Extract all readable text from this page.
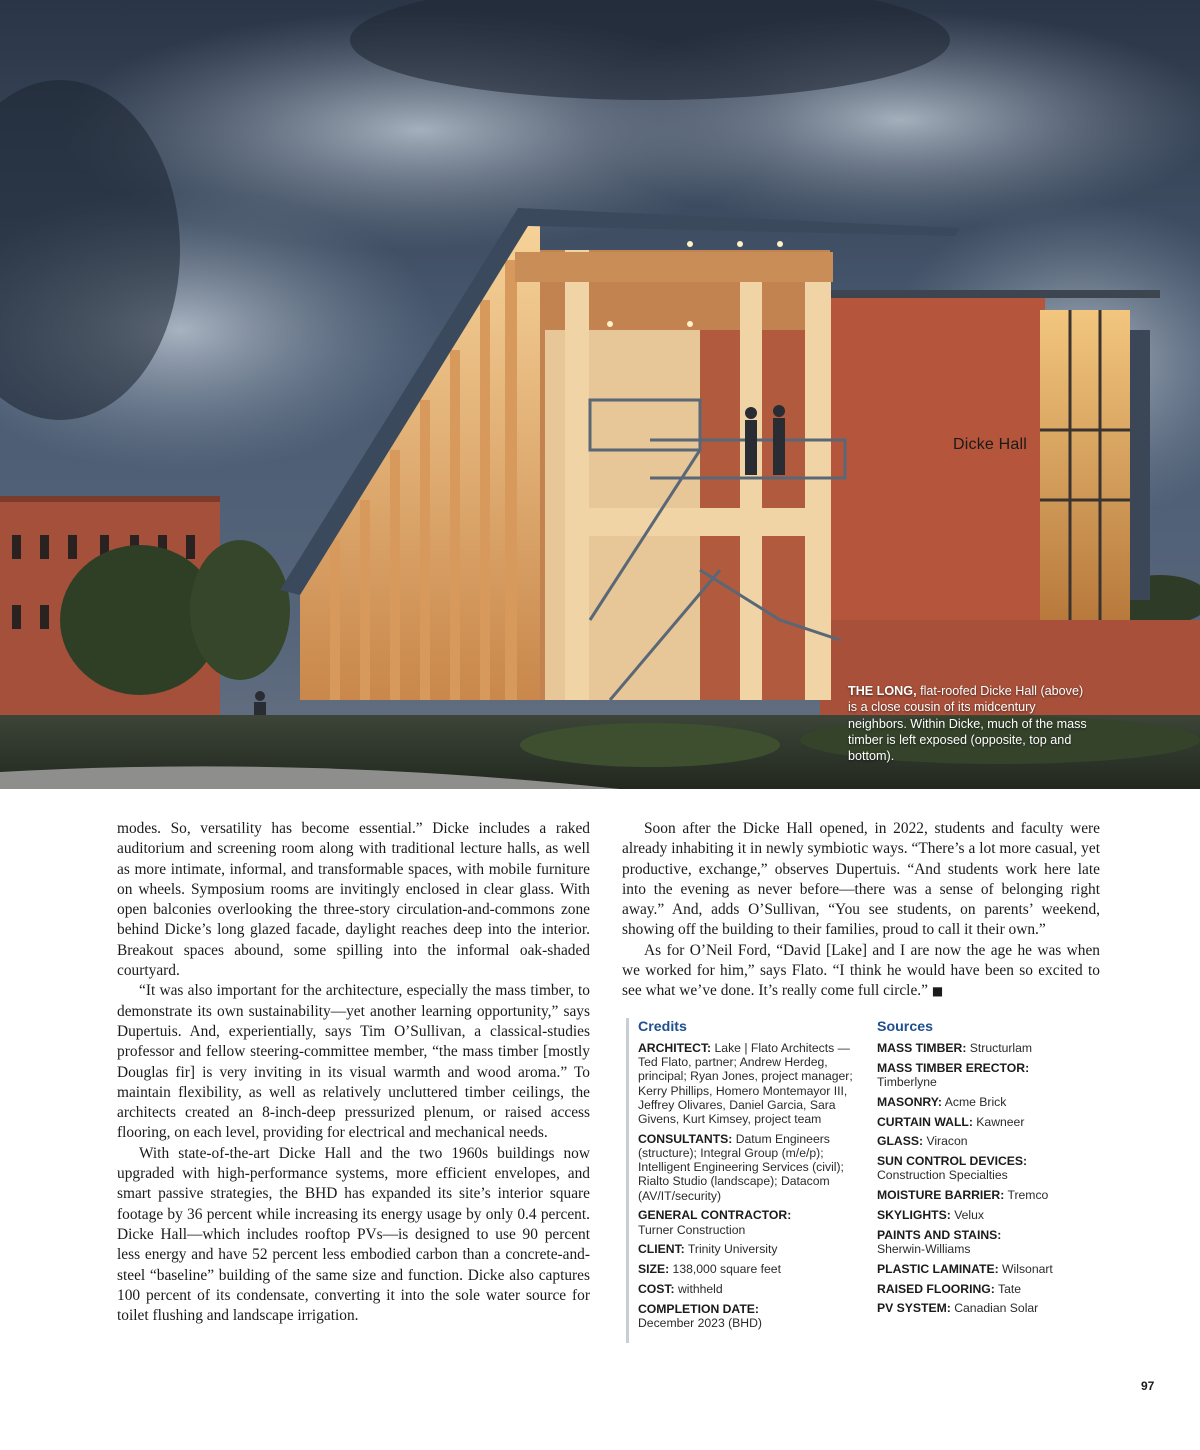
Dicke Hall
THE LONG, flat-roofed Dicke Hall (above) is a close cousin of its midcentury neighbors. Within Dicke, much of the mass timber is left exposed (opposite, top and bottom).

modes. So, versatility has become essential.” Dicke includes a raked auditorium and screening room along with traditional lecture halls, as well as more intimate, informal, and transformable spaces, with mobile furniture on wheels. Symposium rooms are invitingly enclosed in clear glass. With open balconies overlooking the three-story circulation-and-commons zone behind Dicke’s long glazed facade, daylight reaches deep into the interior. Breakout spaces abound, some spilling into the informal oak-shaded courtyard.

“It was also important for the architecture, especially the mass timber, to demonstrate its own sustainability—yet another learning opportunity,” says Dupertuis. And, experientially, says Tim O’Sullivan, a classical-studies professor and fellow steering-committee member, “the mass timber [mostly Douglas fir] is very inviting in its visual warmth and wood aroma.” To maintain flexibility, as well as relatively uncluttered timber ceilings, the architects created an 8-inch-deep pressurized plenum, or raised access flooring, on each level, providing for electrical and mechanical needs.

With state-of-the-art Dicke Hall and the two 1960s buildings now upgraded with high-performance systems, more efficient envelopes, and smart passive strategies, the BHD has expanded its site’s interior square footage by 36 percent while increasing its energy usage by only 0.4 percent. Dicke Hall—which includes rooftop PVs—is designed to use 90 percent less energy and have 52 percent less embodied carbon than a concrete-and-steel “baseline” building of the same size and function. Dicke also captures 100 percent of its condensate, converting it into the sole water source for toilet flushing and landscape irrigation.

Soon after the Dicke Hall opened, in 2022, students and faculty were already inhabiting it in newly symbiotic ways. “There’s a lot more casual, yet productive, exchange,” observes Dupertuis. “And students work here late into the evening as never before—there was a sense of belonging right away.” And, adds O’Sullivan, “You see students, on parents’ weekend, showing off the building to their families, proud to call it their own.”

As for O’Neil Ford, “David [Lake] and I are now the age he was when we worked for him,” says Flato. “I think he would have been so excited to see what we’ve done. It’s really come full circle.” ■

Credits
ARCHITECT: Lake | Flato Architects — Ted Flato, partner; Andrew Herdeg, principal; Ryan Jones, project manager; Kerry Phillips, Homero Montemayor III, Jeffrey Olivares, Daniel Garcia, Sara Givens, Kurt Kimsey, project team
CONSULTANTS: Datum Engineers (structure); Integral Group (m/e/p); Intelligent Engineering Services (civil); Rialto Studio (landscape); Datacom (AV/IT/security)
GENERAL CONTRACTOR:
Turner Construction
CLIENT: Trinity University
SIZE: 138,000 square feet
COST: withheld
COMPLETION DATE:
December 2023 (BHD)
Sources
MASS TIMBER: Structurlam
MASS TIMBER ERECTOR:
Timberlyne
MASONRY: Acme Brick
CURTAIN WALL: Kawneer
GLASS: Viracon
SUN CONTROL DEVICES:
Construction Specialties
MOISTURE BARRIER: Tremco
SKYLIGHTS: Velux
PAINTS AND STAINS:
Sherwin-Williams
PLASTIC LAMINATE: Wilsonart
RAISED FLOORING: Tate
PV SYSTEM: Canadian Solar
97
